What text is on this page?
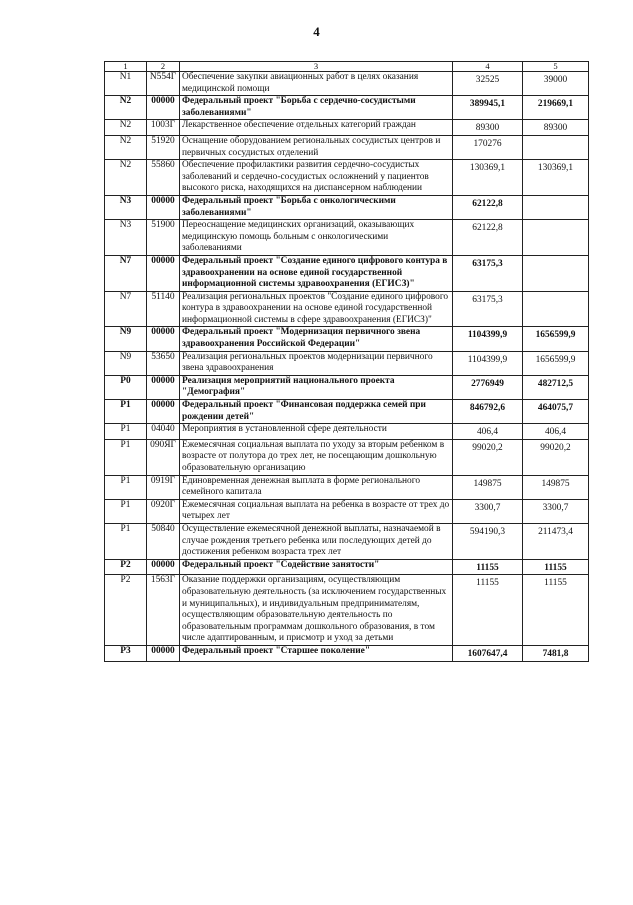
4
1	2	3	4	5
N1	N554Г	Обеспечение закупки авиационных работ в целях оказания медицинской помощи	32525	39000
N2	00000	Федеральный проект "Борьба с сердечно-сосудистыми заболеваниями"	389945,1	219669,1
N2	1003Г	Лекарственное обеспечение отдельных категорий граждан	89300	89300
N2	51920	Оснащение оборудованием региональных сосудистых центров и первичных сосудистых отделений	170276	
N2	55860	Обеспечение профилактики развития сердечно-сосудистых заболеваний и сердечно-сосудистых осложнений у пациентов высокого риска, находящихся на диспансерном наблюдении	130369,1	130369,1
N3	00000	Федеральный проект "Борьба с онкологическими заболеваниями"	62122,8	
N3	51900	Переоснащение медицинских организаций, оказывающих медицинскую помощь больным с онкологическими заболеваниями	62122,8	
N7	00000	Федеральный проект "Создание единого цифрового контура в здравоохранении на основе единой государственной информационной системы здравоохранения (ЕГИСЗ)"	63175,3	
N7	51140	Реализация региональных проектов "Создание единого цифрового контура в здравоохранении на основе единой государственной информационной системы в сфере здравоохранения (ЕГИСЗ)"	63175,3	
N9	00000	Федеральный проект "Модернизация первичного звена здравоохранения Российской Федерации"	1104399,9	1656599,9
N9	53650	Реализация региональных проектов модернизации первичного звена здравоохранения	1104399,9	1656599,9
P0	00000	Реализация мероприятий национального проекта "Демография"	2776949	482712,5
P1	00000	Федеральный проект "Финансовая поддержка семей при рождении детей"	846792,6	464075,7
P1	04040	Мероприятия в установленной сфере деятельности	406,4	406,4
P1	090ЯГ	Ежемесячная социальная выплата по уходу за вторым ребенком в возрасте от полутора до трех лет, не посещающим дошкольную образовательную организацию	99020,2	99020,2
P1	0919Г	Единовременная денежная выплата в форме регионального семейного капитала	149875	149875
P1	0920Г	Ежемесячная социальная выплата на ребенка в возрасте от трех до четырех лет	3300,7	3300,7
P1	50840	Осуществление ежемесячной денежной выплаты, назначаемой в случае рождения третьего ребенка или последующих детей до достижения ребенком возраста трех лет	594190,3	211473,4
P2	00000	Федеральный проект "Содействие занятости"	11155	11155
P2	1563Г	Оказание поддержки организациям, осуществляющим образовательную деятельность (за исключением государственных и муниципальных), и индивидуальным предпринимателям, осуществляющим образовательную деятельность по образовательным программам дошкольного образования, в том числе адаптированным, и присмотр и уход за детьми	11155	11155
P3	00000	Федеральный проект "Старшее поколение"	1607647,4	7481,8
